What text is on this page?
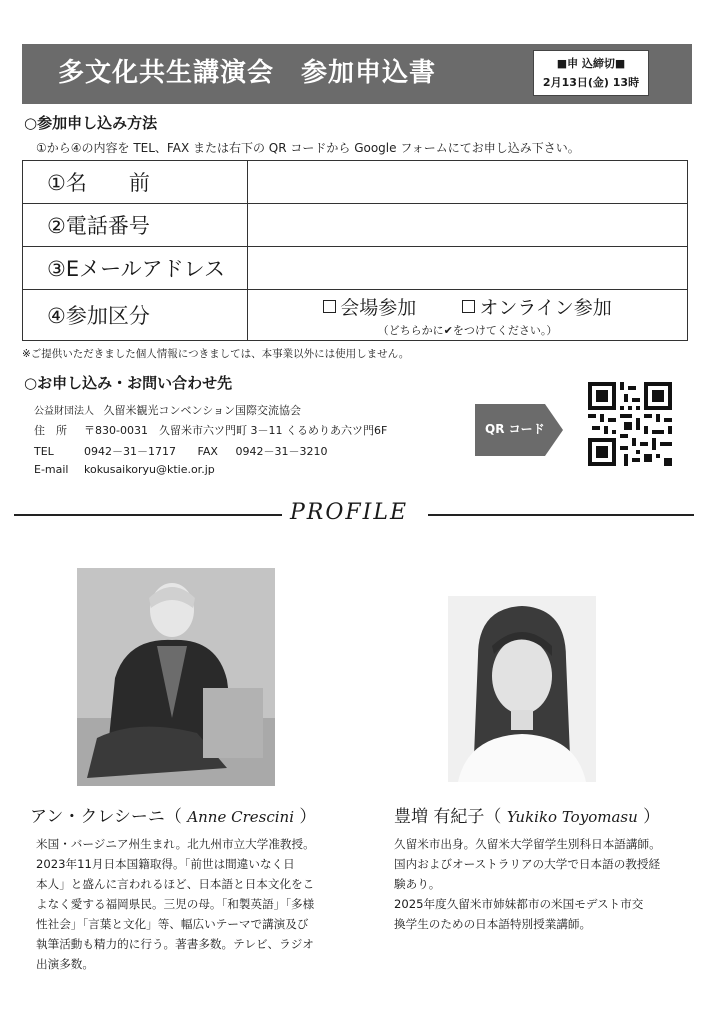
多文化共生講演会　参加申込書	■申 込締切■
2月13日(金) 13時
○参加申し込み方法
①から④の内容を TEL、FAX または右下の QR コードから Google フォームにてお申し込み下さい。
①名　　前	
②電話番号	
③Eメールアドレス	
④参加区分	会場参加 オンライン参加
（どちらかに✔をつけてください。）
※ご提供いただきました個人情報につきましては、本事業以外には使用しません。
○お申し込み・お問い合わせ先
公益財団法人 久留米観光コンベンション国際交流協会
住　所 〒830-0031　久留米市六ツ門町 3－11 くるめりあ六ツ門6F
TEL	0942－31－1717 FAX 0942－31－3210
E-mail kokusaikoryu@ktie.or.jp
QR コード
PROFILE
アン・クレシーニ（ Anne Crescini ）
米国・バージニア州生まれ。北九州市立大学准教授。
2023年11月日本国籍取得。「前世は間違いなく日
本人」と盛んに言われるほど、日本語と日本文化をこ
よなく愛する福岡県民。三児の母。「和製英語」「多様
性社会」「言葉と文化」等、幅広いテーマで講演及び
執筆活動も精力的に行う。著書多数。テレビ、ラジオ
出演多数。
豊増 有紀子（ Yukiko Toyomasu ）
久留米市出身。久留米大学留学生別科日本語講師。
国内およびオーストラリアの大学で日本語の教授経
験あり。
2025年度久留米市姉妹都市の米国モデスト市交
換学生のための日本語特別授業講師。
